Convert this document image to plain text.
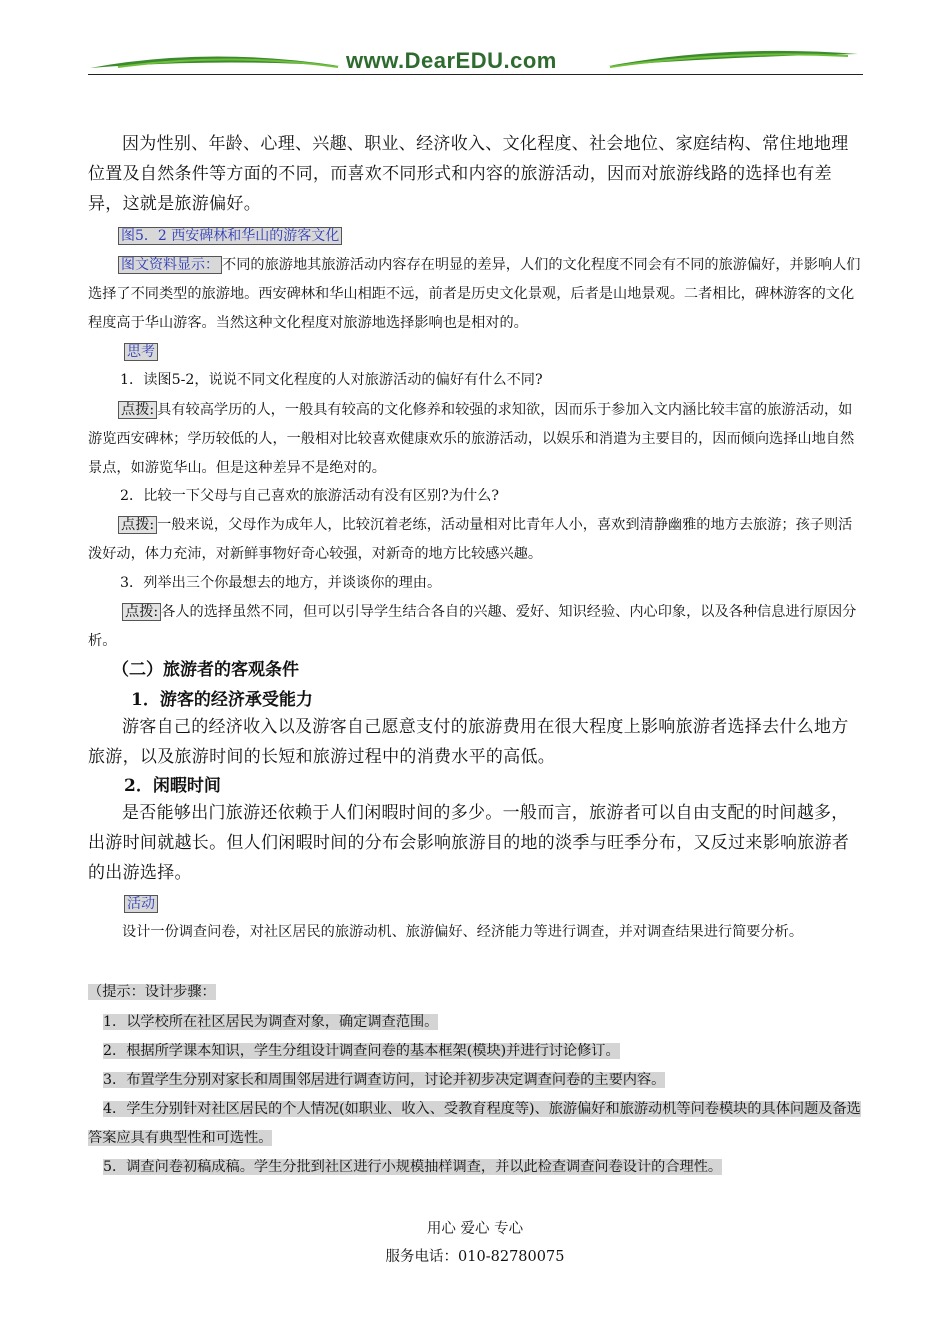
www.DearEDU.com

因为性别、年龄、心理、兴趣、职业、经济收入、文化程度、社会地位、家庭结构、常住地地理位置及自然条件等方面的不同，而喜欢不同形式和内容的旅游活动，因而对旅游线路的选择也有差异，这就是旅游偏好。

图5．2 西安碑林和华山的游客文化

图文资料显示： 不同的旅游地其旅游活动内容存在明显的差异，人们的文化程度不同会有不同的旅游偏好，并影响人们选择了不同类型的旅游地。西安碑林和华山相距不远，前者是历史文化景观，后者是山地景观。二者相比，碑林游客的文化程度高于华山游客。当然这种文化程度对旅游地选择影响也是相对的。

思考

1．读图5-2，说说不同文化程度的人对旅游活动的偏好有什么不同?

点拨: 具有较高学历的人，一般具有较高的文化修养和较强的求知欲，因而乐于参加入文内涵比较丰富的旅游活动，如游览西安碑林；学历较低的人，一般相对比较喜欢健康欢乐的旅游活动，以娱乐和消遣为主要目的，因而倾向选择山地自然景点，如游览华山。但是这种差异不是绝对的。

2．比较一下父母与自己喜欢的旅游活动有没有区别?为什么?

点拨: 一般来说，父母作为成年人，比较沉着老练，活动量相对比青年人小，喜欢到清静幽雅的地方去旅游；孩子则活泼好动，体力充沛，对新鲜事物好奇心较强，对新奇的地方比较感兴趣。

3．列举出三个你最想去的地方，并谈谈你的理由。

点拨: 各人的选择虽然不同，但可以引导学生结合各自的兴趣、爱好、知识经验、内心印象，以及各种信息进行原因分析。

（二）旅游者的客观条件
1．游客的经济承受能力

游客自己的经济收入以及游客自己愿意支付的旅游费用在很大程度上影响旅游者选择去什么地方旅游，以及旅游时间的长短和旅游过程中的消费水平的高低。

2．闲暇时间

是否能够出门旅游还依赖于人们闲暇时间的多少。一般而言，旅游者可以自由支配的时间越多，出游时间就越长。但人们闲暇时间的分布会影响旅游目的地的淡季与旺季分布，又反过来影响旅游者的出游选择。

活动

设计一份调查问卷，对社区居民的旅游动机、旅游偏好、经济能力等进行调查，并对调查结果进行简要分析。

（提示：设计步骤：

1．以学校所在社区居民为调查对象，确定调查范围。

2．根据所学课本知识，学生分组设计调查问卷的基本框架(模块)并进行讨论修订。

3．布置学生分别对家长和周围邻居进行调查访问，讨论并初步决定调查问卷的主要内容。

4．学生分别针对社区居民的个人情况(如职业、收入、受教育程度等)、旅游偏好和旅游动机等问卷模块的具体问题及备选答案应具有典型性和可选性。

5．调查问卷初稿成稿。学生分批到社区进行小规模抽样调查，并以此检查调查问卷设计的合理性。

用心 爱心 专心
服务电话：010-82780075
